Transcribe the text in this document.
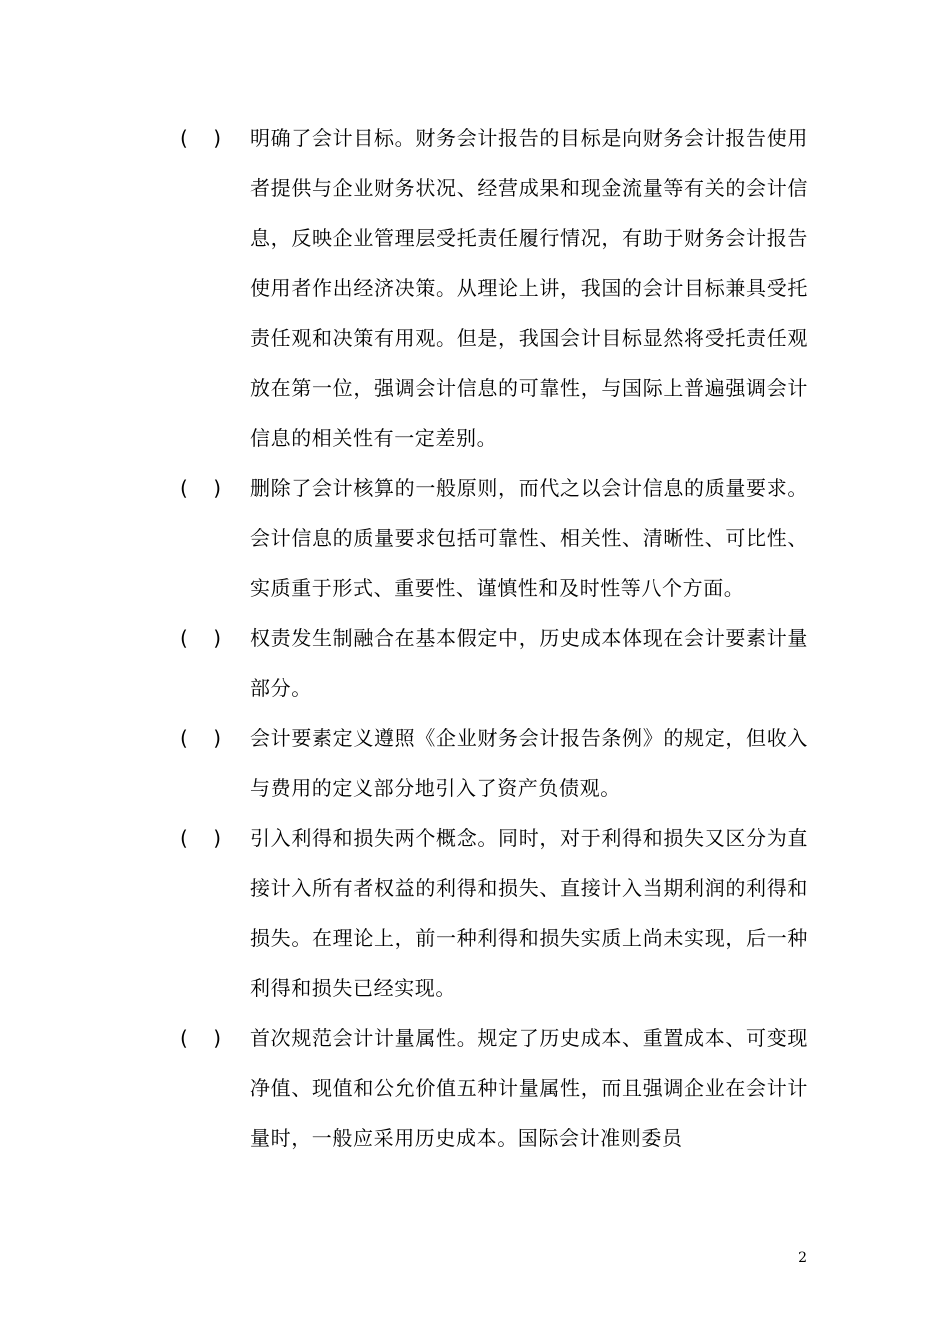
(    )	明确了会计目标。财务会计报告的目标是向财务会计报告使用者提供与企业财务状况、经营成果和现金流量等有关的会计信息，反映企业管理层受托责任履行情况，有助于财务会计报告使用者作出经济决策。从理论上讲，我国的会计目标兼具受托责任观和决策有用观。但是，我国会计目标显然将受托责任观放在第一位，强调会计信息的可靠性，与国际上普遍强调会计信息的相关性有一定差别。
(    )	删除了会计核算的一般原则，而代之以会计信息的质量要求。会计信息的质量要求包括可靠性、相关性、清晰性、可比性、实质重于形式、重要性、谨慎性和及时性等八个方面。
(    )	权责发生制融合在基本假定中，历史成本体现在会计要素计量部分。
(    )	会计要素定义遵照《企业财务会计报告条例》的规定，但收入与费用的定义部分地引入了资产负债观。
(    )	引入利得和损失两个概念。同时，对于利得和损失又区分为直接计入所有者权益的利得和损失、直接计入当期利润的利得和损失。在理论上，前一种利得和损失实质上尚未实现，后一种利得和损失已经实现。
(    )	首次规范会计计量属性。规定了历史成本、重置成本、可变现净值、现值和公允价值五种计量属性，而且强调企业在会计计量时，一般应采用历史成本。国际会计准则委员
2
